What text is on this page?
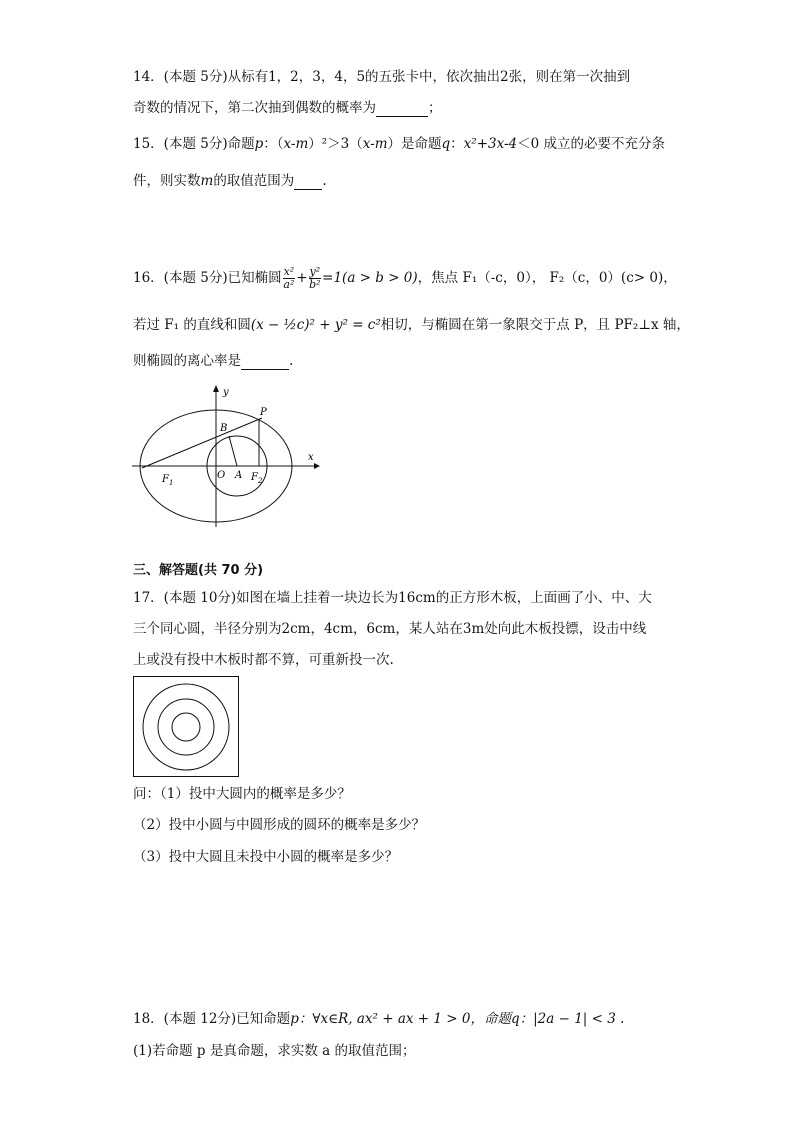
14．(本题 5分)从标有1，2，3，4，5的五张卡中，依次抽出2张，则在第一次抽到
奇数的情况下，第二次抽到偶数的概率为	；
15．(本题 5分)命题p：（x-m）²＞3（x-m）是命题q：x²+3x-4＜0 成立的必要不充分条
件，则实数m的取值范围为 .
16．(本题 5分)已知椭圆 $\frac{\text{x²}}{\text{a²}} + \frac{\text{y²}}{\text{b²}} =1(a > b > 0)$，焦点 F₁（-c，0）， F₂（c，0）(c> 0)，
若过 F₁ 的直线和圆(x − ½c)² + y² = c²相切，与椭圆在第一象限交于点 P，且 PF₂⊥x 轴，
则椭圆的离心率是	.
y
x
P
B
O A
$F_1$	$F_2$
三、解答题(共 70 分)
17．(本题 10分)如图在墙上挂着一块边长为16cm的正方形木板，上面画了小、中、大
三个同心圆，半径分别为2cm，4cm，6cm，某人站在3m处向此木板投镖，设击中线
上或没有投中木板时都不算，可重新投一次.
问：（1）投中大圆内的概率是多少？
（2）投中小圆与中圆形成的圆环的概率是多少？
（3）投中大圆且未投中小圆的概率是多少？
18．(本题 12分)已知命题p：∀x∈R, ax² + ax + 1 > 0，命题q：|2a − 1| < 3 .
(1)若命题 p 是真命题，求实数 a 的取值范围；
